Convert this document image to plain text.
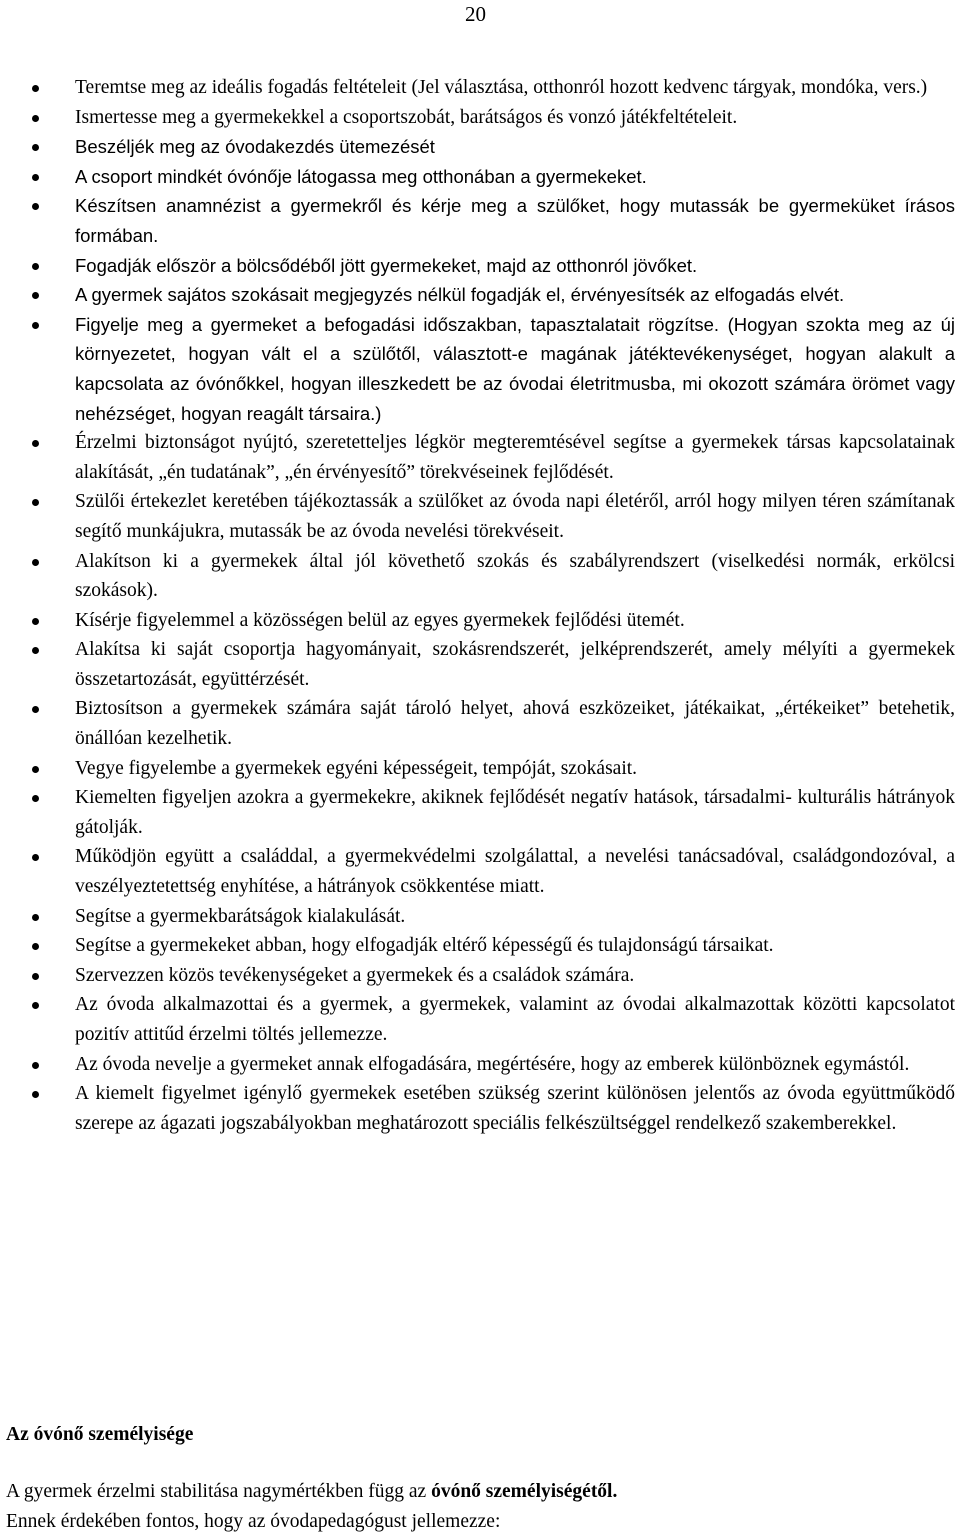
20
Teremtse meg az ideális fogadás feltételeit (Jel választása, otthonról hozott kedvenc tárgyak, mondóka, vers.)
Ismertesse meg a gyermekekkel a csoportszobát, barátságos és vonzó játékfeltételeit.
Beszéljék meg az óvodakezdés ütemezését
A csoport mindkét óvónője látogassa meg otthonában a gyermekeket.
Készítsen anamnézist a gyermekről és kérje meg a szülőket, hogy mutassák be gyermeküket írásos formában.
Fogadják először a bölcsődéből jött gyermekeket, majd az otthonról jövőket.
A gyermek sajátos szokásait megjegyzés nélkül fogadják el, érvényesítsék az elfogadás elvét.
Figyelje meg a gyermeket a befogadási időszakban, tapasztalatait rögzítse. (Hogyan szokta meg az új környezetet, hogyan vált el a szülőtől, választott-e magának játéktevékenységet, hogyan alakult a kapcsolata az óvónőkkel, hogyan illeszkedett be az óvodai életritmusba, mi okozott számára örömet vagy nehézséget, hogyan reagált társaira.)
Érzelmi biztonságot nyújtó, szeretetteljes légkör megteremtésével segítse a gyermekek társas kapcsolatainak alakítását, „én tudatának”, „én érvényesítő” törekvéseinek fejlődését.
Szülői értekezlet keretében tájékoztassák a szülőket az óvoda napi életéről, arról hogy milyen téren számítanak segítő munkájukra, mutassák be az óvoda nevelési törekvéseit.
Alakítson ki a gyermekek által jól követhető szokás és szabályrendszert (viselkedési normák, erkölcsi szokások).
Kísérje figyelemmel a közösségen belül az egyes gyermekek fejlődési ütemét.
Alakítsa ki saját csoportja hagyományait, szokásrendszerét, jelképrendszerét, amely mélyíti a gyermekek összetartozását, együttérzését.
Biztosítson a gyermekek számára saját tároló helyet, ahová eszközeiket, játékaikat, „értékeiket” betehetik, önállóan kezelhetik.
Vegye figyelembe a gyermekek egyéni képességeit, tempóját, szokásait.
Kiemelten figyeljen azokra a gyermekekre, akiknek fejlődését negatív hatások, társadalmi- kulturális hátrányok gátolják.
Működjön együtt a családdal, a gyermekvédelmi szolgálattal, a nevelési tanácsadóval, családgondozóval, a veszélyeztetettség enyhítése, a hátrányok csökkentése miatt.
Segítse a gyermekbarátságok kialakulását.
Segítse a gyermekeket abban, hogy elfogadják eltérő képességű és tulajdonságú társaikat.
Szervezzen közös tevékenységeket a gyermekek és a családok számára.
Az óvoda alkalmazottai és a gyermek, a gyermekek, valamint az óvodai alkalmazottak közötti kapcsolatot pozitív attitűd érzelmi töltés jellemezze.
Az óvoda nevelje a gyermeket annak elfogadására, megértésére, hogy az emberek különböznek egymástól.
A kiemelt figyelmet igénylő gyermekek esetében szükség szerint különösen jelentős az óvoda együttműködő szerepe az ágazati jogszabályokban meghatározott speciális felkészültséggel rendelkező szakemberekkel.
Az óvónő személyisége

A gyermek érzelmi stabilitása nagymértékben függ az óvónő személyiségétől.

Ennek érdekében fontos, hogy az óvodapedagógust jellemezze:
